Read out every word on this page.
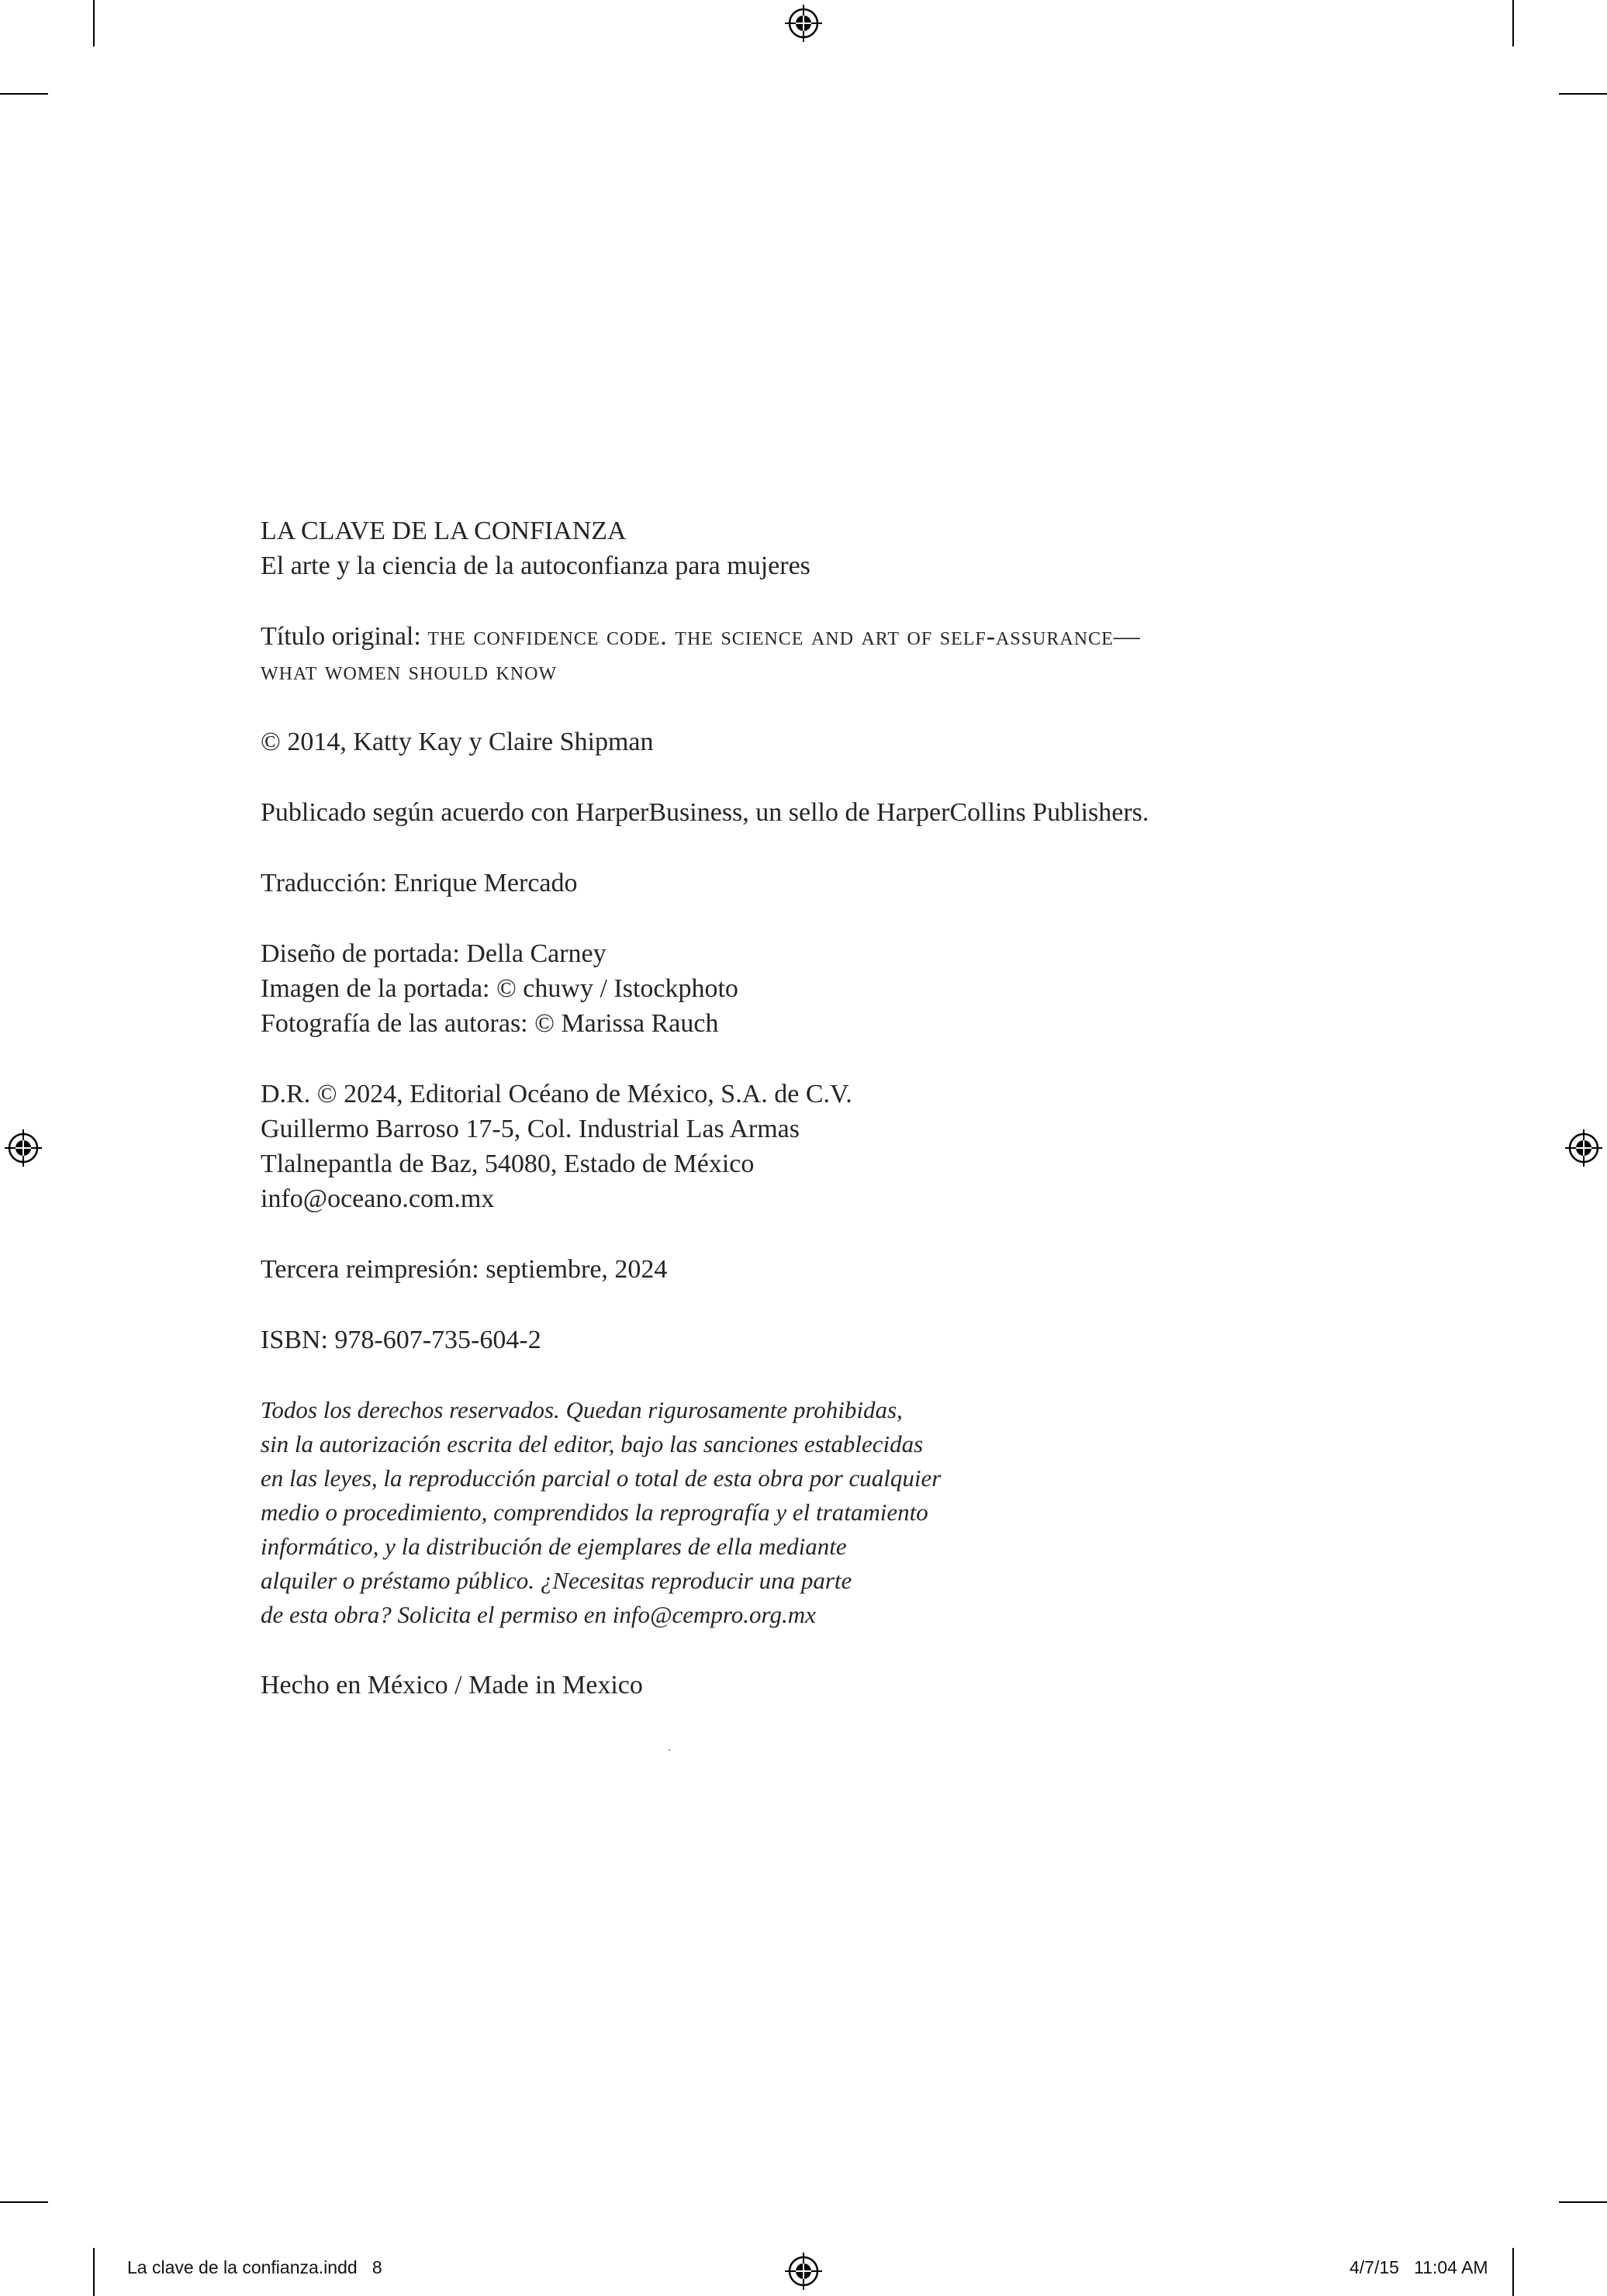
LA CLAVE DE LA CONFIANZA

El arte y la ciencia de la autoconfianza para mujeres

Título original: the confidence code. the science and art of self-assurance—

what women should know

© 2014, Katty Kay y Claire Shipman

Publicado según acuerdo con HarperBusiness, un sello de HarperCollins Publishers.

Traducción: Enrique Mercado

Diseño de portada: Della Carney

Imagen de la portada: © chuwy / Istockphoto

Fotografía de las autoras: © Marissa Rauch

D.R. © 2024, Editorial Océano de México, S.A. de C.V.

Guillermo Barroso 17-5, Col. Industrial Las Armas

Tlalnepantla de Baz, 54080, Estado de México

info@oceano.com.mx

Tercera reimpresión: septiembre, 2024

ISBN: 978-607-735-604-2

Todos los derechos reservados. Quedan rigurosamente prohibidas,

sin la autorización escrita del editor, bajo las sanciones establecidas

en las leyes, la reproducción parcial o total de esta obra por cualquier

medio o procedimiento, comprendidos la reprografía y el tratamiento

informático, y la distribución de ejemplares de ella mediante

alquiler o préstamo público. ¿Necesitas reproducir una parte

de esta obra? Solicita el permiso en info@cempro.org.mx

Hecho en México / Made in Mexico

La clave de la confianza.indd   8	4/7/15   11:04 AM
